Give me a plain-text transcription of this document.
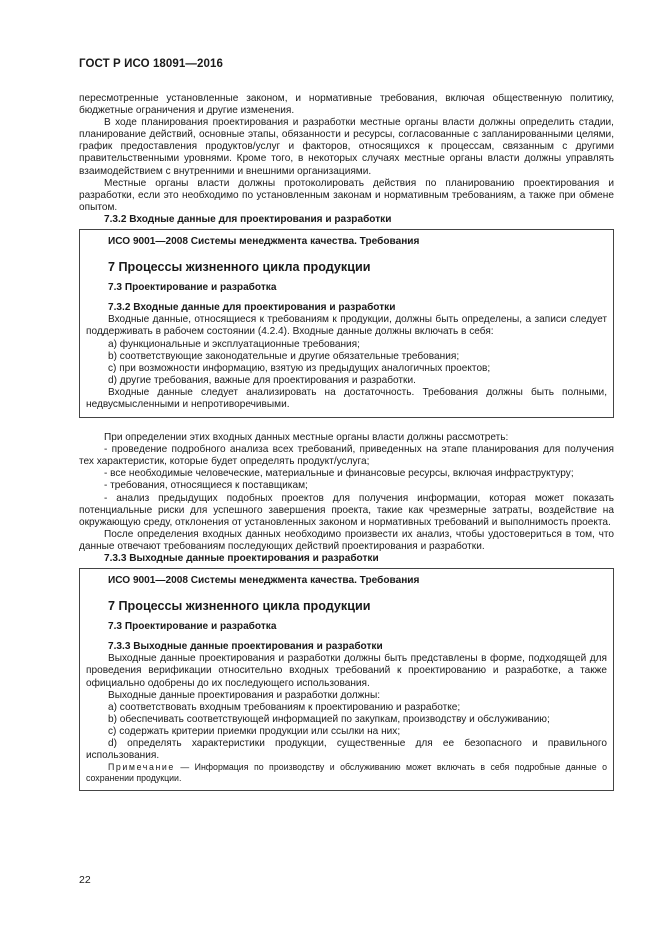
ГОСТ Р ИСО 18091—2016

пересмотренные установленные законом, и нормативные требования, включая общественную политику, бюджетные ограничения и другие изменения.

В ходе планирования проектирования и разработки местные органы власти должны определить стадии, планирование действий, основные этапы, обязанности и ресурсы, согласованные с запланированными целями, график предоставления продуктов/услуг и факторов, относящихся к процессам, связанным с другими правительственными уровнями. Кроме того, в некоторых случаях местные органы власти должны управлять взаимодействием с внутренними и внешними организациями.

Местные органы власти должны протоколировать действия по планированию проектирования и разработки, если это необходимо по установленным законам и нормативным требованиям, а также при обмене опытом.

7.3.2 Входные данные для проектирования и разработки

ИСО 9001—2008 Системы менеджмента качества. Требования

7 Процессы жизненного цикла продукции

7.3 Проектирование и разработка

7.3.2 Входные данные для проектирования и разработки

Входные данные, относящиеся к требованиям к продукции, должны быть определены, а записи следует поддерживать в рабочем состоянии (4.2.4). Входные данные должны включать в себя:

a) функциональные и эксплуатационные требования;

b) соответствующие законодательные и другие обязательные требования;

c) при возможности информацию, взятую из предыдущих аналогичных проектов;

d) другие требования, важные для проектирования и разработки.

Входные данные следует анализировать на достаточность. Требования должны быть полными, недвусмысленными и непротиворечивыми.

При определении этих входных данных местные органы власти должны рассмотреть:

- проведение подробного анализа всех требований, приведенных на этапе планирования для получения тех характеристик, которые будет определять продукт/услуга;

- все необходимые человеческие, материальные и финансовые ресурсы, включая инфраструктуру;

- требования, относящиеся к поставщикам;

- анализ предыдущих подобных проектов для получения информации, которая может показать потенциальные риски для успешного завершения проекта, такие как чрезмерные затраты, воздействие на окружающую среду, отклонения от установленных законом и нормативных требований и выполнимость проекта.

После определения входных данных необходимо произвести их анализ, чтобы удостовериться в том, что данные отвечают требованиям последующих действий проектирования и разработки.

7.3.3 Выходные данные проектирования и разработки

ИСО 9001—2008 Системы менеджмента качества. Требования

7 Процессы жизненного цикла продукции

7.3 Проектирование и разработка

7.3.3 Выходные данные проектирования и разработки

Выходные данные проектирования и разработки должны быть представлены в форме, подходящей для проведения верификации относительно входных требований к проектированию и разработке, а также официально одобрены до их последующего использования.

Выходные данные проектирования и разработки должны:

a) соответствовать входным требованиям к проектированию и разработке;

b) обеспечивать соответствующей информацией по закупкам, производству и обслуживанию;

c) содержать критерии приемки продукции или ссылки на них;

d) определять характеристики продукции, существенные для ее безопасного и правильного использования.

Примечание — Информация по производству и обслуживанию может включать в себя подробные данные о сохранении продукции.

22
